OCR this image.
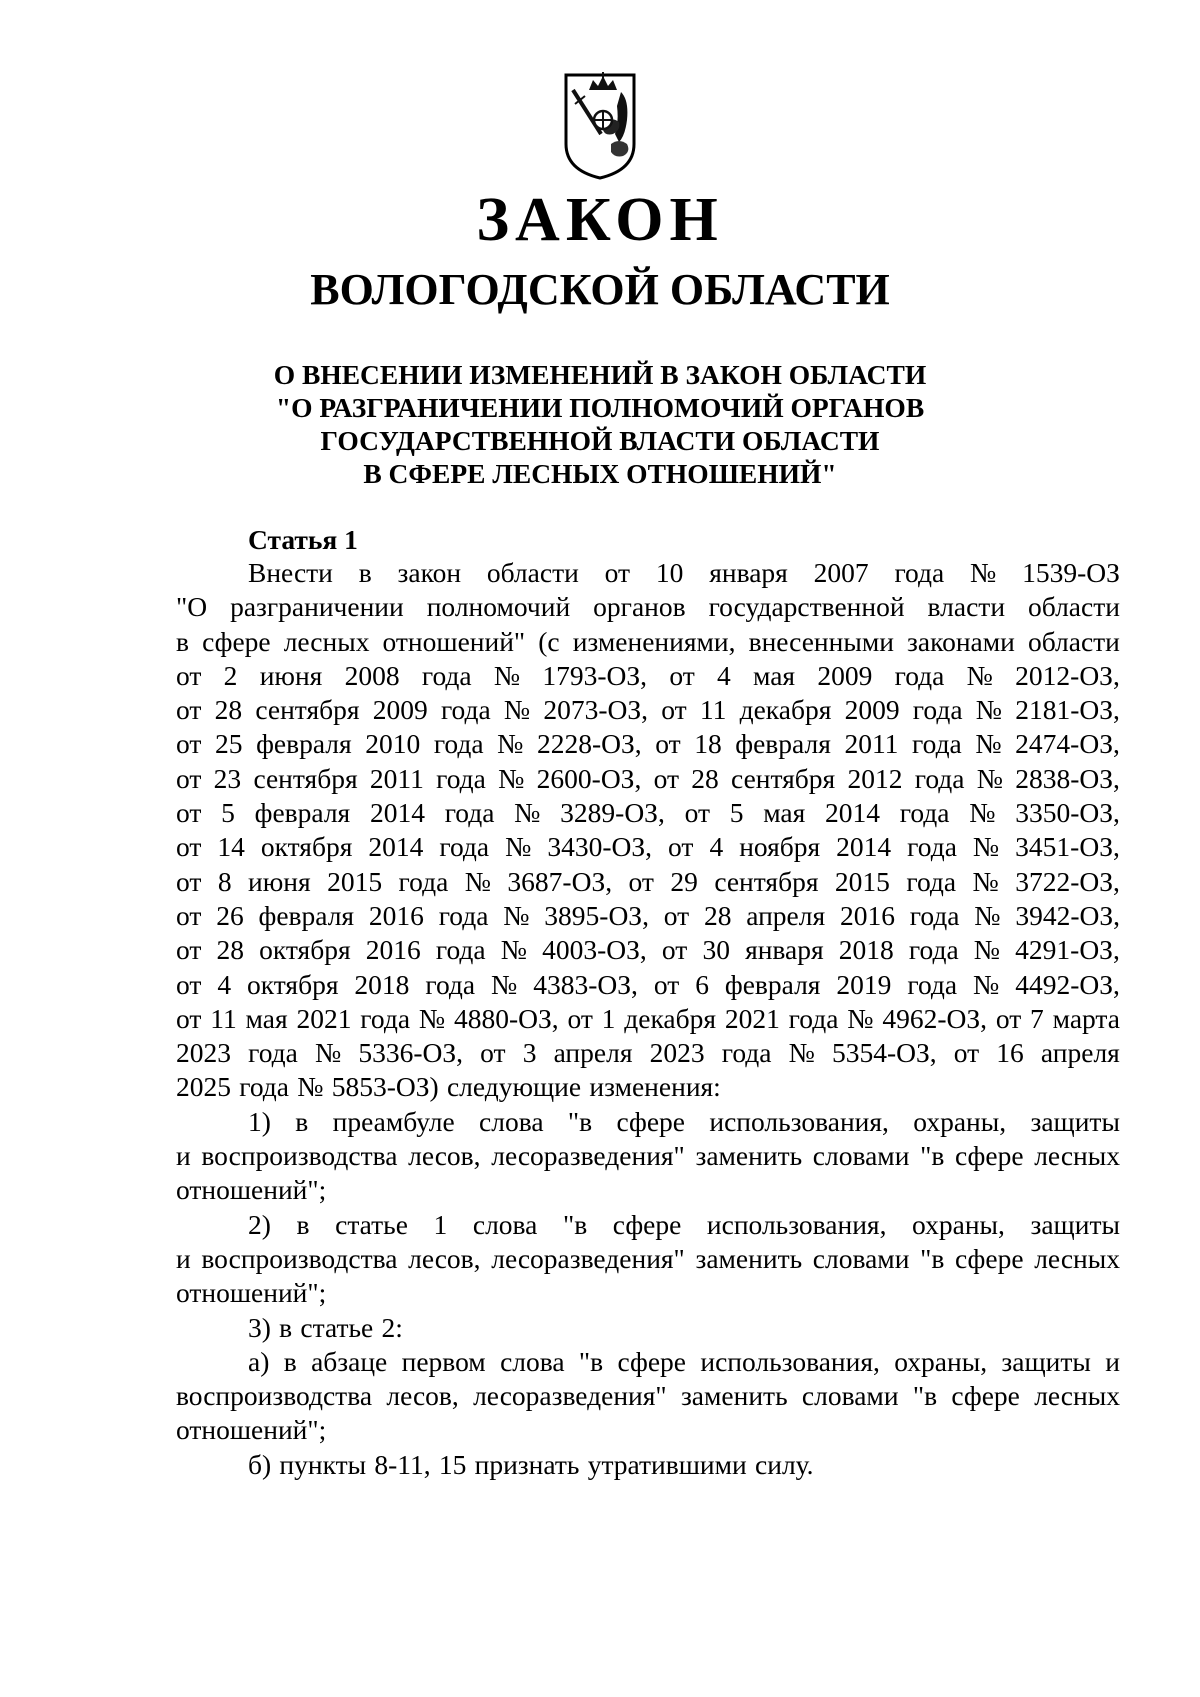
ЗАКОН
ВОЛОГОДСКОЙ ОБЛАСТИ
О ВНЕСЕНИИ ИЗМЕНЕНИЙ В ЗАКОН ОБЛАСТИ
"О РАЗГРАНИЧЕНИИ ПОЛНОМОЧИЙ ОРГАНОВ
ГОСУДАРСТВЕННОЙ ВЛАСТИ ОБЛАСТИ
В СФЕРЕ ЛЕСНЫХ ОТНОШЕНИЙ"
Статья 1
Внести в закон области от 10 января 2007 года № 1539-ОЗ
"О разграничении полномочий органов государственной власти области
в сфере лесных отношений" (с изменениями, внесенными законами области
от 2 июня 2008 года № 1793-ОЗ, от 4 мая 2009 года № 2012-ОЗ,
от 28 сентября 2009 года № 2073-ОЗ, от 11 декабря 2009 года № 2181-ОЗ,
от 25 февраля 2010 года № 2228-ОЗ, от 18 февраля 2011 года № 2474-ОЗ,
от 23 сентября 2011 года № 2600-ОЗ, от 28 сентября 2012 года № 2838-ОЗ,
от 5 февраля 2014 года № 3289-ОЗ, от 5 мая 2014 года № 3350-ОЗ,
от 14 октября 2014 года № 3430-ОЗ, от 4 ноября 2014 года № 3451-ОЗ,
от 8 июня 2015 года № 3687-ОЗ, от 29 сентября 2015 года № 3722-ОЗ,
от 26 февраля 2016 года № 3895-ОЗ, от 28 апреля 2016 года № 3942-ОЗ,
от 28 октября 2016 года № 4003-ОЗ, от 30 января 2018 года № 4291-ОЗ,
от 4 октября 2018 года № 4383-ОЗ, от 6 февраля 2019 года № 4492-ОЗ,
от 11 мая 2021 года № 4880-ОЗ, от 1 декабря 2021 года № 4962-ОЗ, от 7 марта
2023 года № 5336-ОЗ, от 3 апреля 2023 года № 5354-ОЗ, от 16 апреля
2025 года № 5853-ОЗ) следующие изменения:
1) в преамбуле слова "в сфере использования, охраны, защиты
и воспроизводства лесов, лесоразведения" заменить словами "в сфере лесных
отношений";
2) в статье 1 слова "в сфере использования, охраны, защиты
и воспроизводства лесов, лесоразведения" заменить словами "в сфере лесных
отношений";
3) в статье 2:
а) в абзаце первом слова "в сфере использования, охраны, защиты и
воспроизводства лесов, лесоразведения" заменить словами "в сфере лесных
отношений";
б) пункты 8-11, 15 признать утратившими силу.
